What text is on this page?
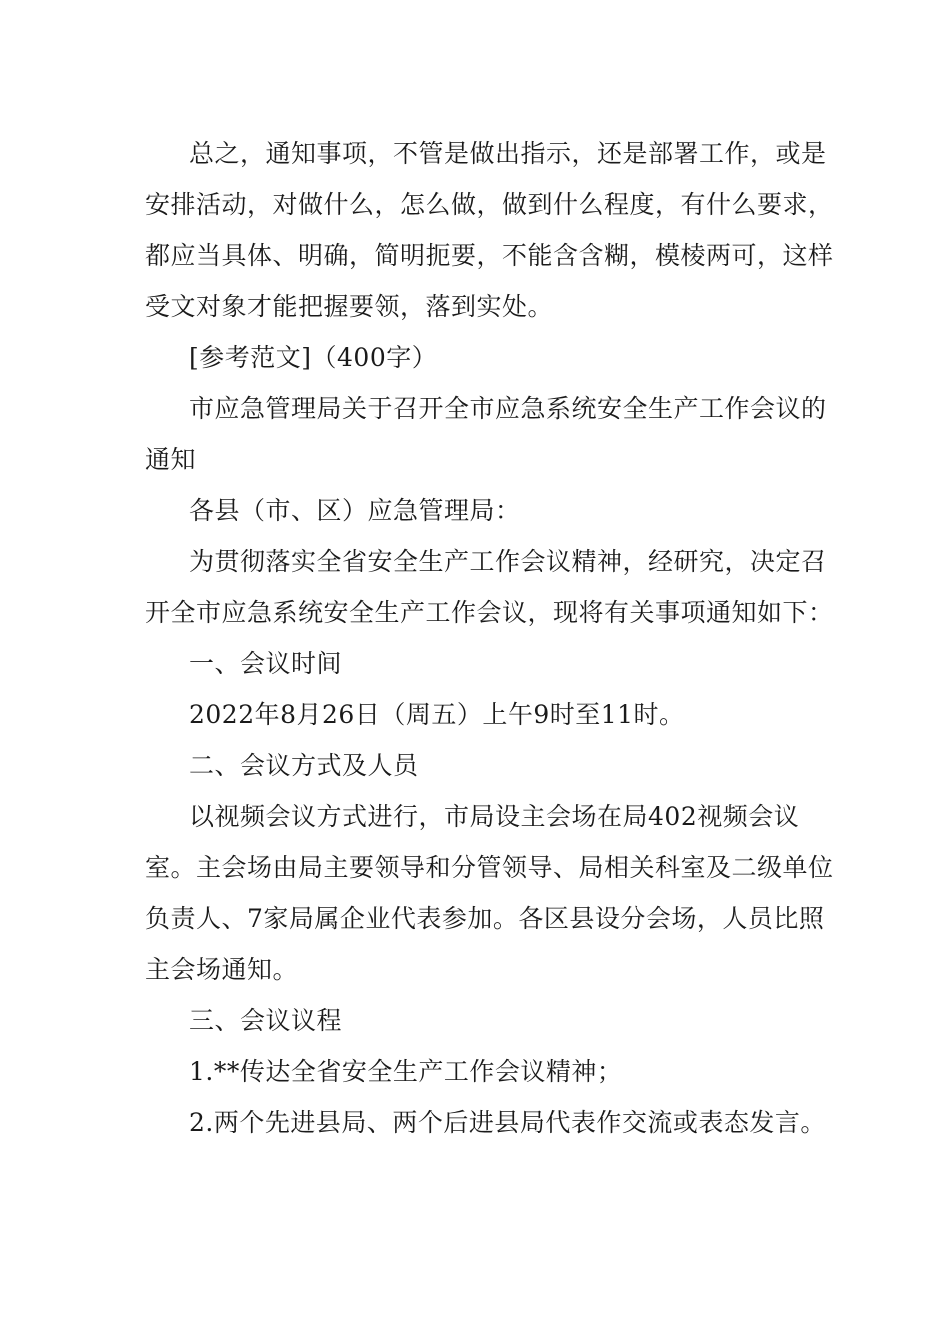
总之，通知事项，不管是做出指示，还是部署工作，或是安排活动，对做什么，怎么做，做到什么程度，有什么要求，都应当具体、明确，简明扼要，不能含含糊，模棱两可，这样受文对象才能把握要领，落到实处。

[参考范文]（400字）

市应急管理局关于召开全市应急系统安全生产工作会议的通知

各县（市、区）应急管理局：

为贯彻落实全省安全生产工作会议精神，经研究，决定召开全市应急系统安全生产工作会议，现将有关事项通知如下：

一、会议时间

2022年8月26日（周五）上午9时至11时。

二、会议方式及人员

以视频会议方式进行，市局设主会场在局402视频会议室。主会场由局主要领导和分管领导、局相关科室及二级单位负责人、7家局属企业代表参加。各区县设分会场，人员比照主会场通知。

三、会议议程

1.**传达全省安全生产工作会议精神；

2.两个先进县局、两个后进县局代表作交流或表态发言。
